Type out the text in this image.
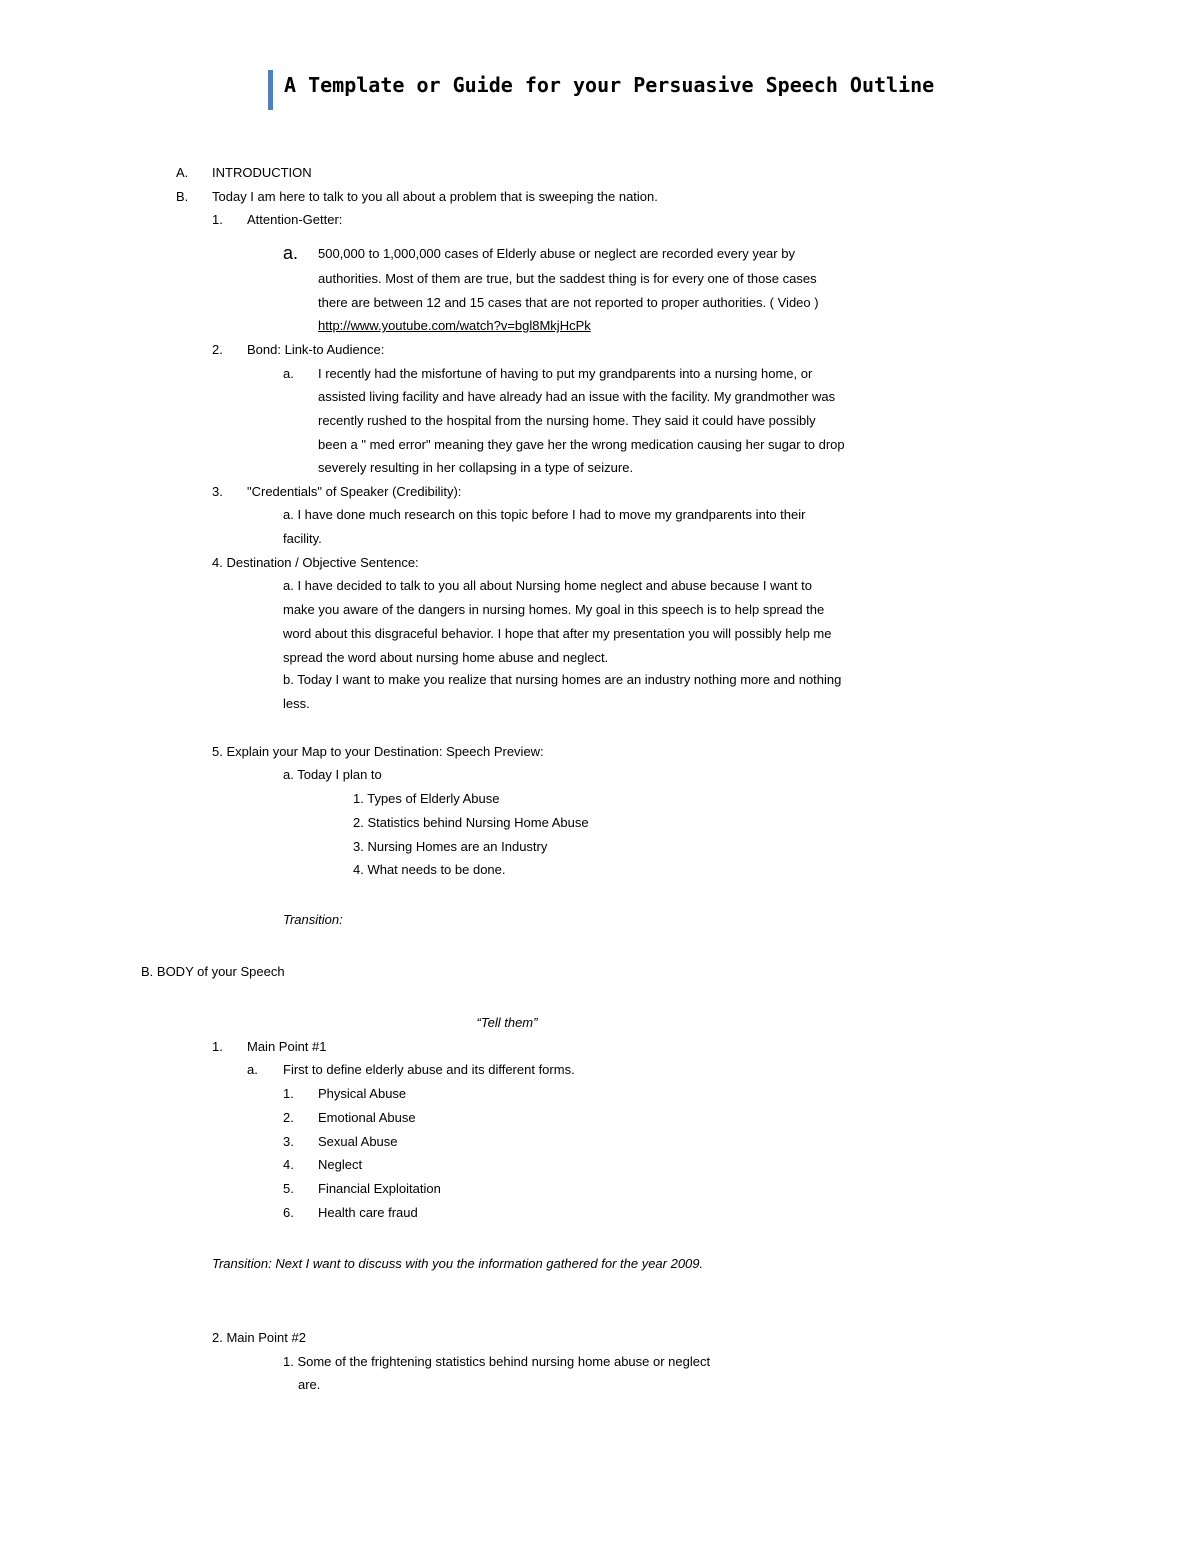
A Template or Guide for your Persuasive Speech Outline
A. INTRODUCTION
B. Today I am here to talk to you all about a problem that is sweeping the nation.
1. Attention-Getter:
a. 500,000 to 1,000,000 cases of Elderly abuse or neglect are recorded every year by
authorities. Most of them are true, but the saddest thing is for every one of those cases
there are between 12 and 15 cases that are not reported to proper authorities. ( Video )
http://www.youtube.com/watch?v=bgl8MkjHcPk
2. Bond: Link-to Audience:
a. I recently had the misfortune of having to put my grandparents into a nursing home, or
assisted living facility and have already had an issue with the facility. My grandmother was
recently rushed to the hospital from the nursing home. They said it could have possibly
been a " med error" meaning they gave her the wrong medication causing her sugar to drop
severely resulting in her collapsing in a type of seizure.
3. "Credentials" of Speaker (Credibility):
a. I have done much research on this topic before I had to move my grandparents into their
facility.
4. Destination / Objective Sentence:
a. I have decided to talk to you all about Nursing home neglect and abuse because I want to
make you aware of the dangers in nursing homes. My goal in this speech is to help spread the
word about this disgraceful behavior. I hope that after my presentation you will possibly help me
spread the word about nursing home abuse and neglect.
b. Today I want to make you realize that nursing homes are an industry nothing more and nothing
less.
5. Explain your Map to your Destination: Speech Preview:
a. Today I plan to
1. Types of Elderly Abuse
2. Statistics behind Nursing Home Abuse
3. Nursing Homes are an Industry
4. What needs to be done.
Transition:
B. BODY of your Speech
“Tell them”
1. Main Point #1
a. First to define elderly abuse and its different forms.
1. Physical Abuse
2. Emotional Abuse
3. Sexual Abuse
4. Neglect
5. Financial Exploitation
6. Health care fraud
Transition: Next I want to discuss with you the information gathered for the year 2009.
2. Main Point #2
1. Some of the frightening statistics behind nursing home abuse or neglect
are.
